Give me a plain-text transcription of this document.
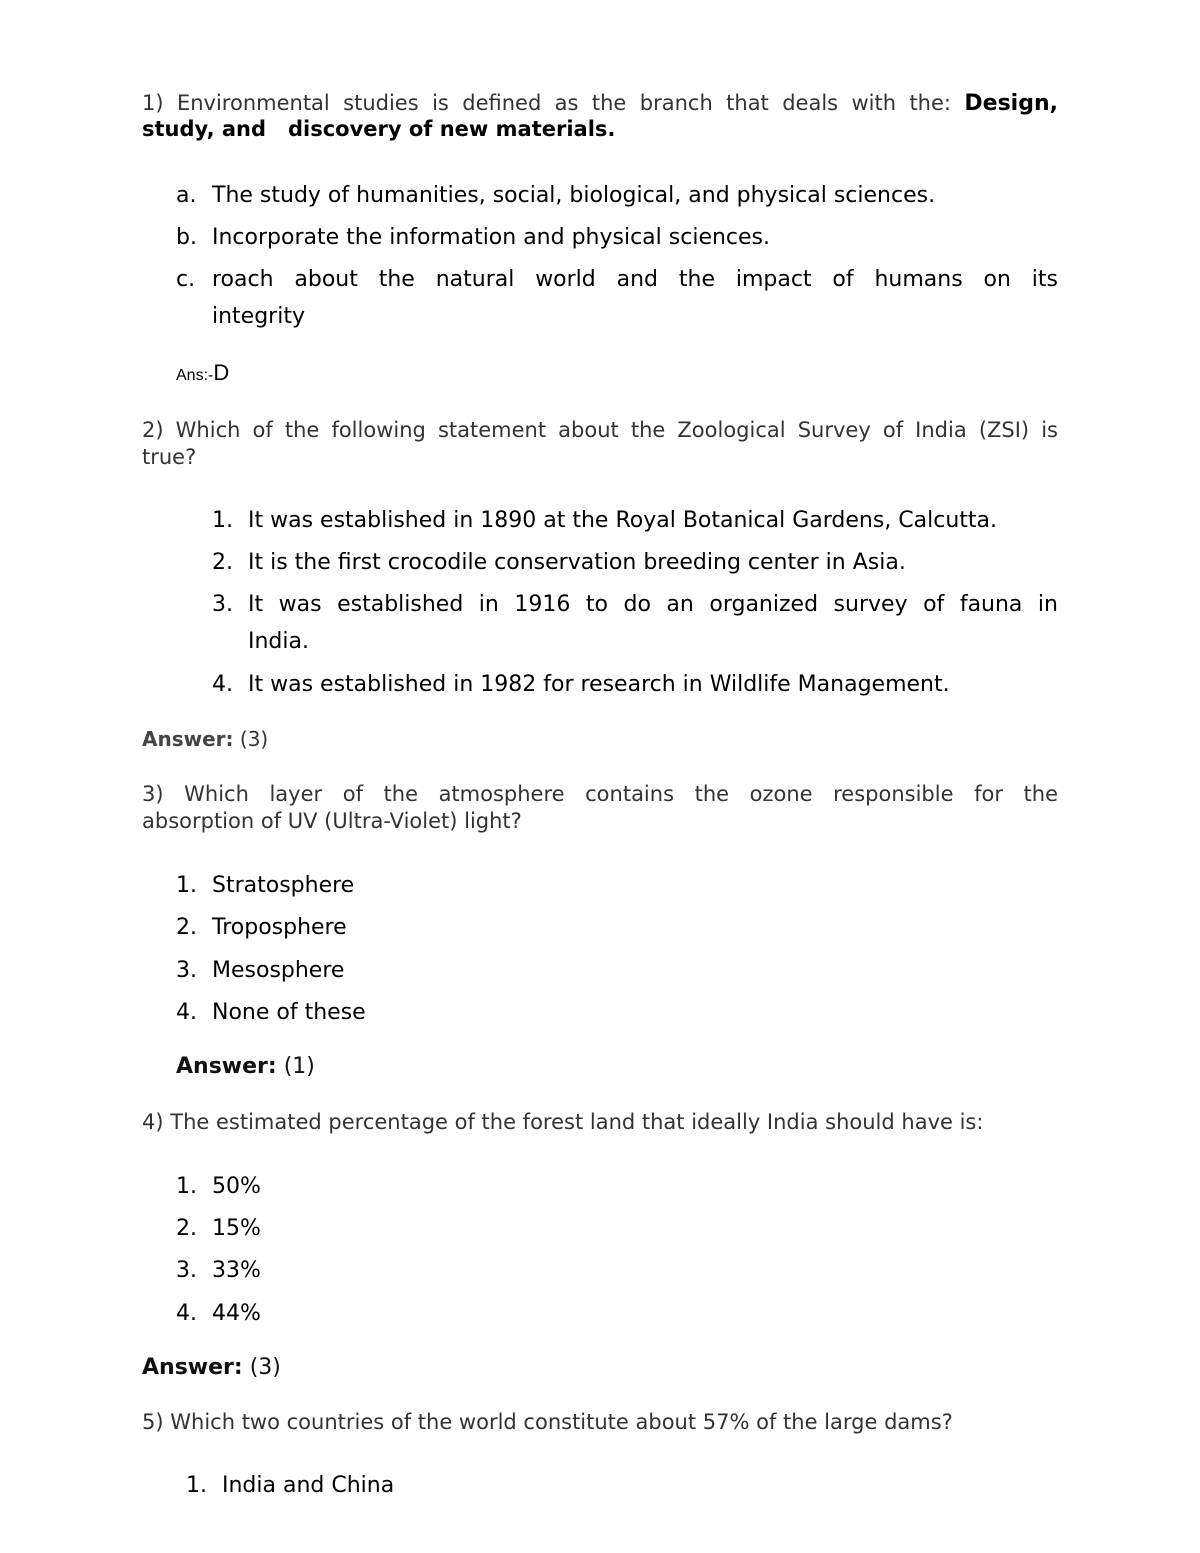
1) Environmental studies is defined as the branch that deals with the: Design,
study, and discovery of new materials.
a. The study of humanities, social, biological, and physical sciences.
b. Incorporate the information and physical sciences.
c. roach about the natural world and the impact of humans on its
integrity
Ans:-D
2) Which of the following statement about the Zoological Survey of India (ZSI) is
true?
1. It was established in 1890 at the Royal Botanical Gardens, Calcutta.
2. It is the first crocodile conservation breeding center in Asia.
3. It was established in 1916 to do an organized survey of fauna in
India.
4. It was established in 1982 for research in Wildlife Management.
Answer: (3)
3) Which layer of the atmosphere contains the ozone responsible for the
absorption of UV (Ultra-Violet) light?
1. Stratosphere
2. Troposphere
3. Mesosphere
4. None of these
Answer: (1)
4) The estimated percentage of the forest land that ideally India should have is:
1. 50%
2. 15%
3. 33%
4. 44%
Answer: (3)
5) Which two countries of the world constitute about 57% of the large dams?
1. India and China
